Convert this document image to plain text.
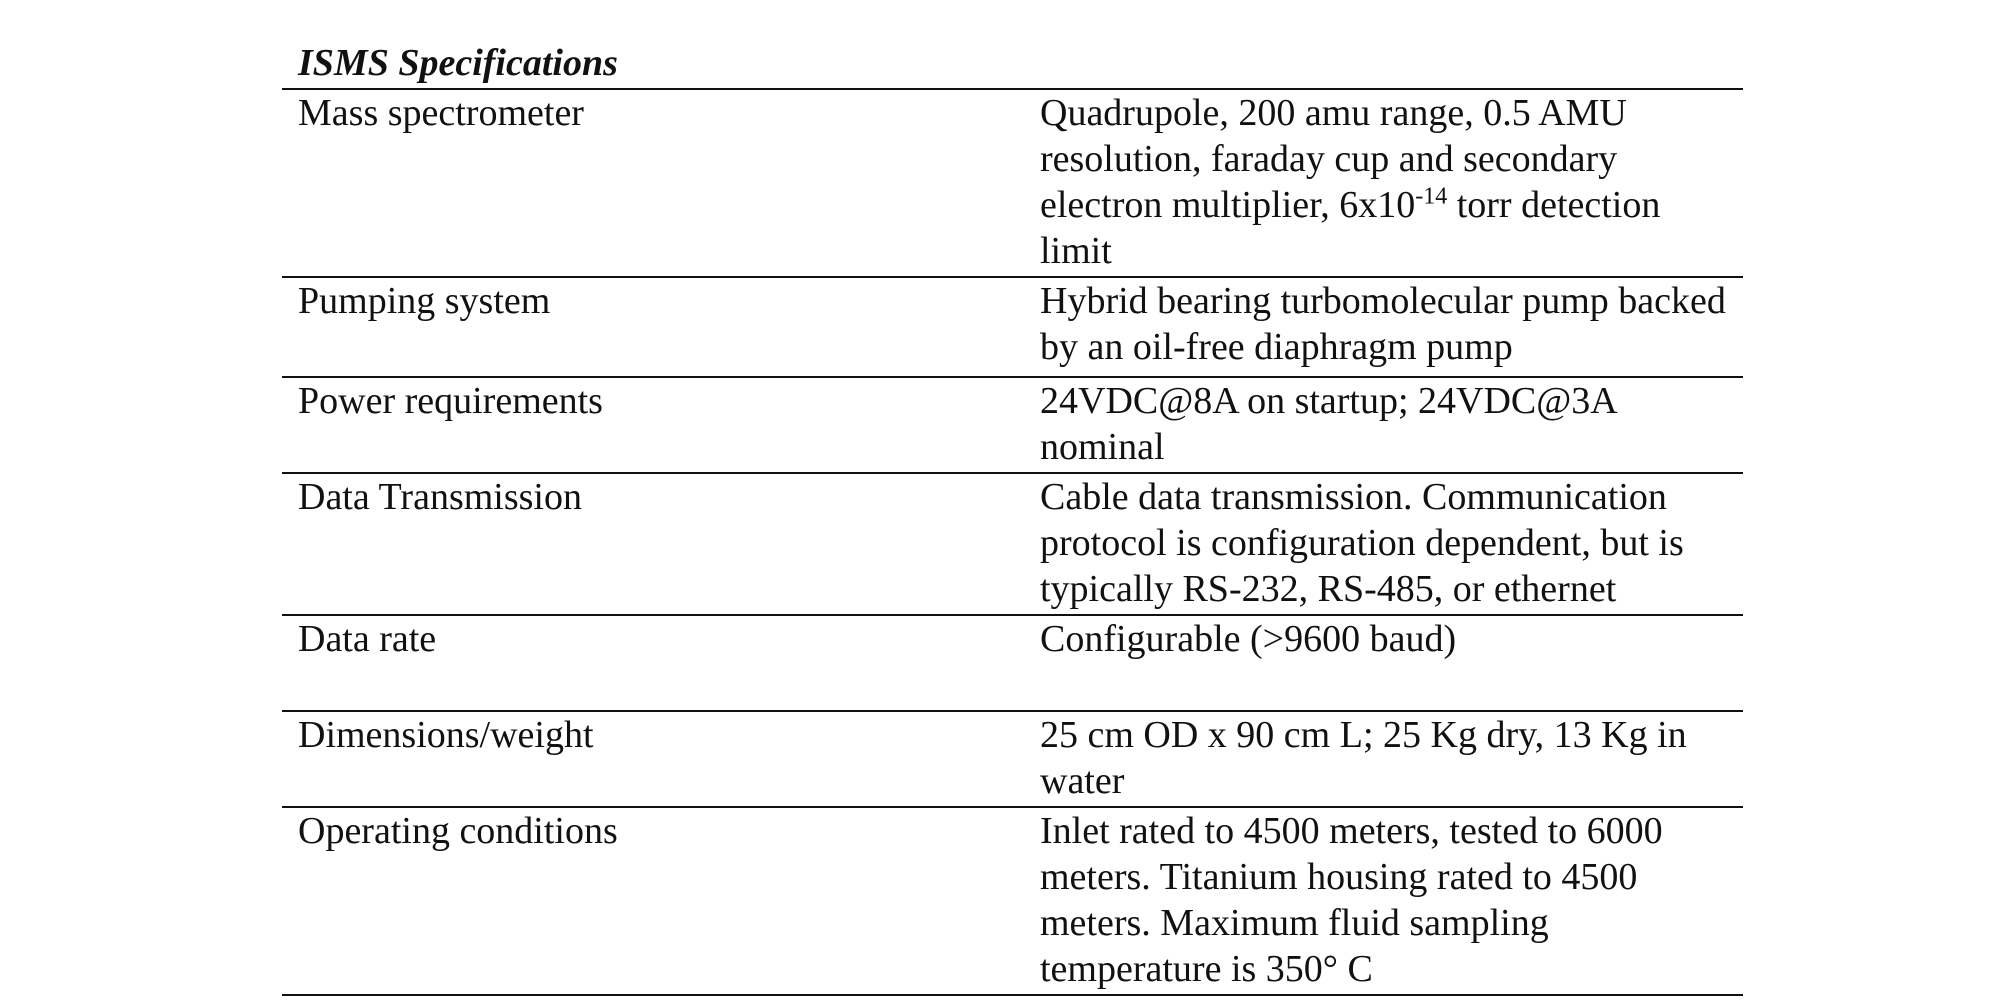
ISMS Specifications
Mass spectrometer	Quadrupole, 200 amu range, 0.5 AMU resolution, faraday cup and secondary electron multiplier, $6x10^{-14}$ torr detection limit
Pumping system	Hybrid bearing turbomolecular pump backed by an oil-free diaphragm pump
Power requirements	24VDC@8A on startup; 24VDC@3A nominal
Data Transmission	Cable data transmission. Communication protocol is configuration dependent, but is typically RS-232, RS-485, or ethernet
Data rate	Configurable (>9600 baud)
Dimensions/weight	25 cm OD x 90 cm L; 25 Kg dry, 13 Kg in water
Operating conditions	Inlet rated to 4500 meters, tested to 6000 meters. Titanium housing rated to 4500 meters. Maximum fluid sampling temperature is 350° C
